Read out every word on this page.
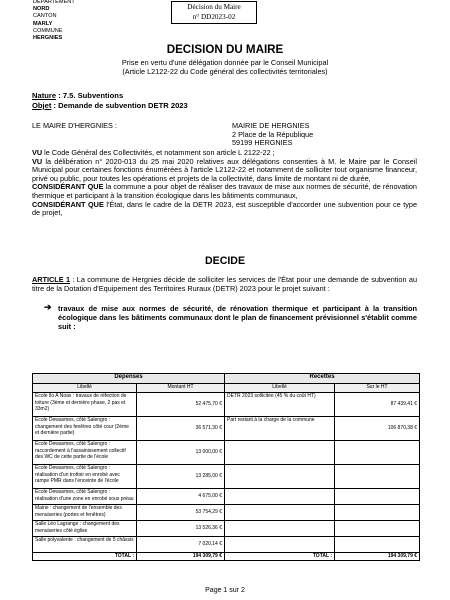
DEPARTEMENT
NORD
CANTON
MARLY
COMMUNE
HERGNIES
Décision du Maire
n° DD2023-02
DECISION DU MAIRE
Prise en vertu d'une délégation donnée par le Conseil Municipal
(Article L2122-22 du Code général des collectivités territoriales)
Nature : 7.5. Subventions
Objet : Demande de subvention DETR 2023
LE MAIRE D'HERGNIES :	MAIRIE DE HERGNIES
2 Place de la République
59199 HERGNIES
VU le Code Général des Collectivités, et notamment son article L 2122-22 ;
VU la délibération n° 2020-013 du 25 mai 2020 relatives aux délégations consenties à M. le Maire par le Conseil Municipal pour certaines fonctions énumérées à l'article L2122-22 et notamment de solliciter tout organisme financeur, privé ou public, pour toutes les opérations et projets de la collectivité, dans limite de montant ni de durée,
CONSIDÉRANT QUE la commune a pour objet de réaliser des travaux de mise aux normes de sécurité, de rénovation thermique et participant à la transition écologique dans les bâtiments communaux,
CONSIDÉRANT QUE l'État, dans le cadre de la DETR 2023, est susceptible d'accorder une subvention pour ce type de projet,
DECIDE
ARTICLE 1 : La commune de Hergnies décide de solliciter les services de l'État pour une demande de subvention au titre de la Dotation d'Equipement des Territoires Ruraux (DETR) 2023 pour le projet suivant :
➔ travaux de mise aux normes de sécurité, de rénovation thermique et participant à la transition écologique dans les bâtiments communaux dont le plan de financement prévisionnel s'établit comme suit :
Dépenses		Recettes	
Libellé	Montant HT	Libellé	Sur le HT
Ecole Ilo A Noax : travaux de réfection de toiture (3ème et dernière phase, 2 pas et 33m2)	52 475,70 €	DETR 2023 sollicitée (45 % du coût HT)	87 439,41 €
École Dewasmes, côté Salengro : changement des fenêtres côté cour (2ème et dernière partie)	36 571,30 €	Part restant à la charge de la commune	106 870,38 €
École Dewasmes, côté Salengro : raccordement à l'assainissement collectif des WC de cette partie de l'école	13 000,00 €		
École Dewasmes, côté Salengro : réalisation d'un trottoir en enrobé avec rampe PMR dans l'enceinte de l'école	13 285,00 €		
École Dewasmes, côté Salengro : réalisation d'une zone en enrobé sous préau	4 675,00 €		
Mairie : changement de l'ensemble des menuiseries (portes et fenêtres)	53 754,29 €		
Salle Léo Lagrange : changement des menuiseries côté église	13 526,36 €		
Salle polyvalente : changement de 5 châssis	7 020,14 €		
TOTAL :	194 309,79 €	TOTAL :	194 309,79 €
Page 1 sur 2
